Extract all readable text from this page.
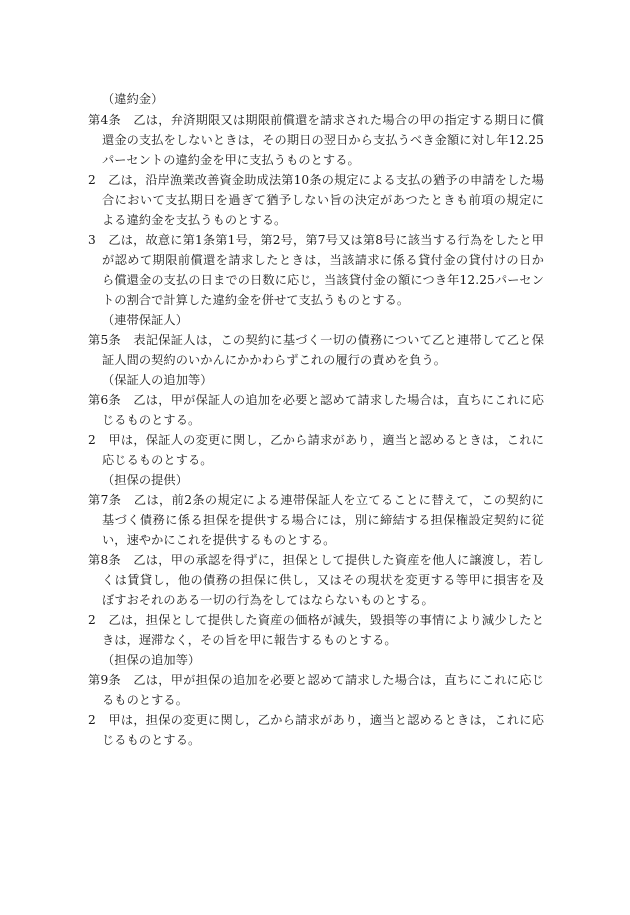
（違約金）

第4条　乙は，弁済期限又は期限前償還を請求された場合の甲の指定する期日に償還金の支払をしないときは，その期日の翌日から支払うべき金額に対し年12.25パーセントの違約金を甲に支払うものとする。

2　乙は，沿岸漁業改善資金助成法第10条の規定による支払の猶予の申請をした場合において支払期日を過ぎて猶予しない旨の決定があつたときも前項の規定による違約金を支払うものとする。

3　乙は，故意に第1条第1号，第2号，第7号又は第8号に該当する行為をしたと甲が認めて期限前償還を請求したときは，当該請求に係る貸付金の貸付けの日から償還金の支払の日までの日数に応じ，当該貸付金の額につき年12.25パーセントの割合で計算した違約金を併せて支払うものとする。

（連帯保証人）

第5条　表記保証人は，この契約に基づく一切の債務について乙と連帯して乙と保証人間の契約のいかんにかかわらずこれの履行の責めを負う。

（保証人の追加等）

第6条　乙は，甲が保証人の追加を必要と認めて請求した場合は，直ちにこれに応じるものとする。

2　甲は，保証人の変更に関し，乙から請求があり，適当と認めるときは，これに応じるものとする。

（担保の提供）

第7条　乙は，前2条の規定による連帯保証人を立てることに替えて，この契約に基づく債務に係る担保を提供する場合には，別に締結する担保権設定契約に従い，速やかにこれを提供するものとする。

第8条　乙は，甲の承認を得ずに，担保として提供した資産を他人に譲渡し，若しくは賃貸し，他の債務の担保に供し，又はその現状を変更する等甲に損害を及ぼすおそれのある一切の行為をしてはならないものとする。

2　乙は，担保として提供した資産の価格が減失，毀損等の事情により減少したときは，遅滞なく，その旨を甲に報告するものとする。

（担保の追加等）

第9条　乙は，甲が担保の追加を必要と認めて請求した場合は，直ちにこれに応じるものとする。

2　甲は，担保の変更に関し，乙から請求があり，適当と認めるときは，これに応じるものとする。
